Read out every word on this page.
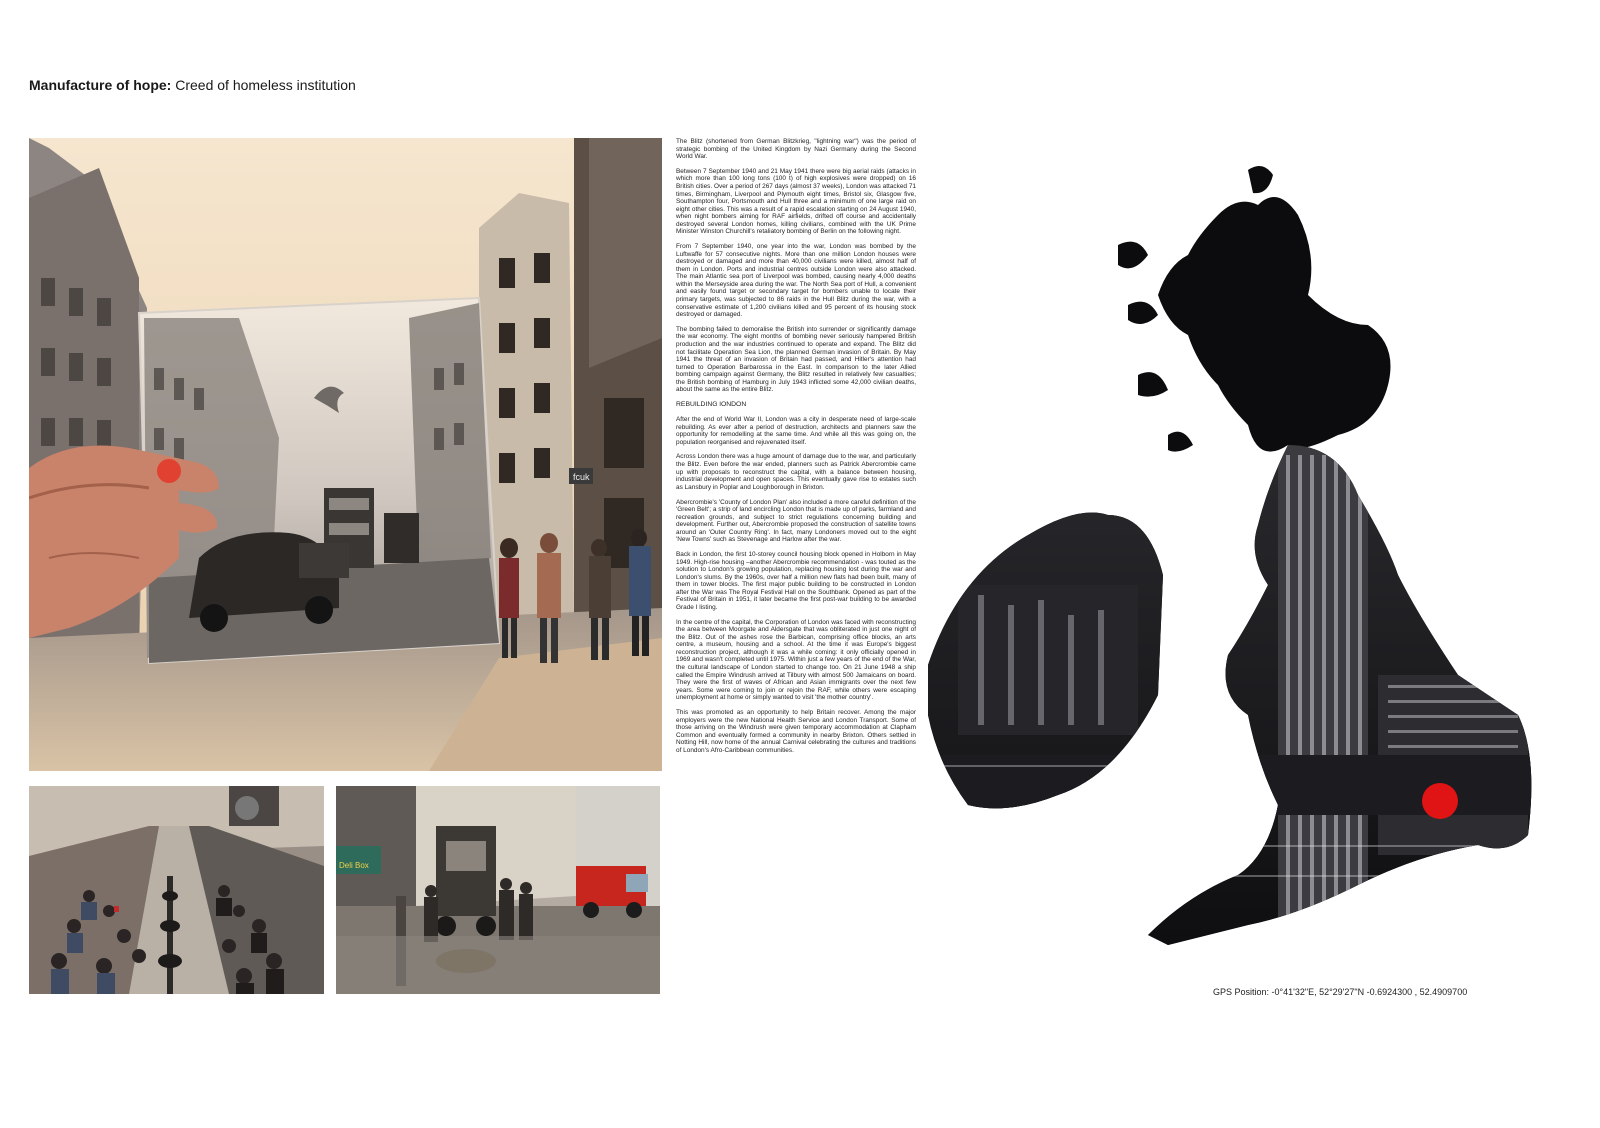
Manufacture of hope: Creed of homeless institution
fcuk
Deli Box

The Blitz (shortened from German Blitzkrieg, "lightning war") was the period of strategic bombing of the United Kingdom by Nazi Germany during the Second World War.

Between 7 September 1940 and 21 May 1941 there were big aerial raids (attacks in which more than 100 long tons (100 t) of high explosives were dropped) on 16 British cities. Over a period of 267 days (almost 37 weeks), London was attacked 71 times, Birmingham, Liverpool and Plymouth eight times, Bristol six, Glasgow five, Southampton four, Portsmouth and Hull three and a minimum of one large raid on eight other cities. This was a result of a rapid escalation starting on 24 August 1940, when night bombers aiming for RAF airfields, drifted off course and accidentally destroyed several London homes, killing civilians, combined with the UK Prime Minister Winston Churchill's retaliatory bombing of Berlin on the following night.

From 7 September 1940, one year into the war, London was bombed by the Luftwaffe for 57 consecutive nights. More than one million London houses were destroyed or damaged and more than 40,000 civilians were killed, almost half of them in London. Ports and industrial centres outside London were also attacked. The main Atlantic sea port of Liverpool was bombed, causing nearly 4,000 deaths within the Merseyside area during the war. The North Sea port of Hull, a convenient and easily found target or secondary target for bombers unable to locate their primary targets, was subjected to 86 raids in the Hull Blitz during the war, with a conservative estimate of 1,200 civilians killed and 95 percent of its housing stock destroyed or damaged.

The bombing failed to demoralise the British into surrender or significantly damage the war economy. The eight months of bombing never seriously hampered British production and the war industries continued to operate and expand. The Blitz did not facilitate Operation Sea Lion, the planned German invasion of Britain. By May 1941 the threat of an invasion of Britain had passed, and Hitler's attention had turned to Operation Barbarossa in the East. In comparison to the later Allied bombing campaign against Germany, the Blitz resulted in relatively few casualties; the British bombing of Hamburg in July 1943 inflicted some 42,000 civilian deaths, about the same as the entire Blitz.

REBUILDING lONDON

After the end of World War II, London was a city in desperate need of large-scale rebuilding. As ever after a period of destruction, architects and planners saw the opportunity for remodelling at the same time. And while all this was going on, the population reorganised and rejuvenated itself.

Across London there was a huge amount of damage due to the war, and particularly the Blitz. Even before the war ended, planners such as Patrick Abercrombie came up with proposals to reconstruct the capital, with a balance between housing, industrial development and open spaces. This eventually gave rise to estates such as Lansbury in Poplar and Loughborough in Brixton.

Abercrombie's 'County of London Plan' also included a more careful definition of the 'Green Belt'; a strip of land encircling London that is made up of parks, farmland and recreation grounds, and subject to strict regulations concerning building and development. Further out, Abercrombie proposed the construction of satellite towns around an 'Outer Country Ring'. In fact, many Londoners moved out to the eight 'New Towns' such as Stevenage and Harlow after the war.

Back in London, the first 10-storey council housing block opened in Holborn in May 1949. High-rise housing –another Abercrombie recommendation - was touted as the solution to London's growing population, replacing housing lost during the war and London's slums. By the 1960s, over half a million new flats had been built, many of them in tower blocks. The first major public building to be constructed in London after the War was The Royal Festival Hall on the Southbank. Opened as part of the Festival of Britain in 1951, it later became the first post-war building to be awarded Grade I listing.

In the centre of the capital, the Corporation of London was faced with reconstructing the area between Moorgate and Aldersgate that was obliterated in just one night of the Blitz. Out of the ashes rose the Barbican, comprising office blocks, an arts centre, a museum, housing and a school. At the time it was Europe's biggest reconstruction project, although it was a while coming: it only officially opened in 1969 and wasn't completed until 1975. Within just a few years of the end of the War, the cultural landscape of London started to change too. On 21 June 1948 a ship called the Empire Windrush arrived at Tilbury with almost 500 Jamaicans on board. They were the first of waves of African and Asian immigrants over the next few years. Some were coming to join or rejoin the RAF, while others were escaping unemployment at home or simply wanted to visit 'the mother country'.

This was promoted as an opportunity to help Britain recover. Among the major employers were the new National Health Service and London Transport. Some of those arriving on the Windrush were given temporary accommodation at Clapham Common and eventually formed a community in nearby Brixton. Others settled in Notting Hill, now home of the annual Carnival celebrating the cultures and traditions of London's Afro-Caribbean communities.

GPS Position: -0°41'32"E, 52°29'27"N -0.6924300 , 52.4909700
